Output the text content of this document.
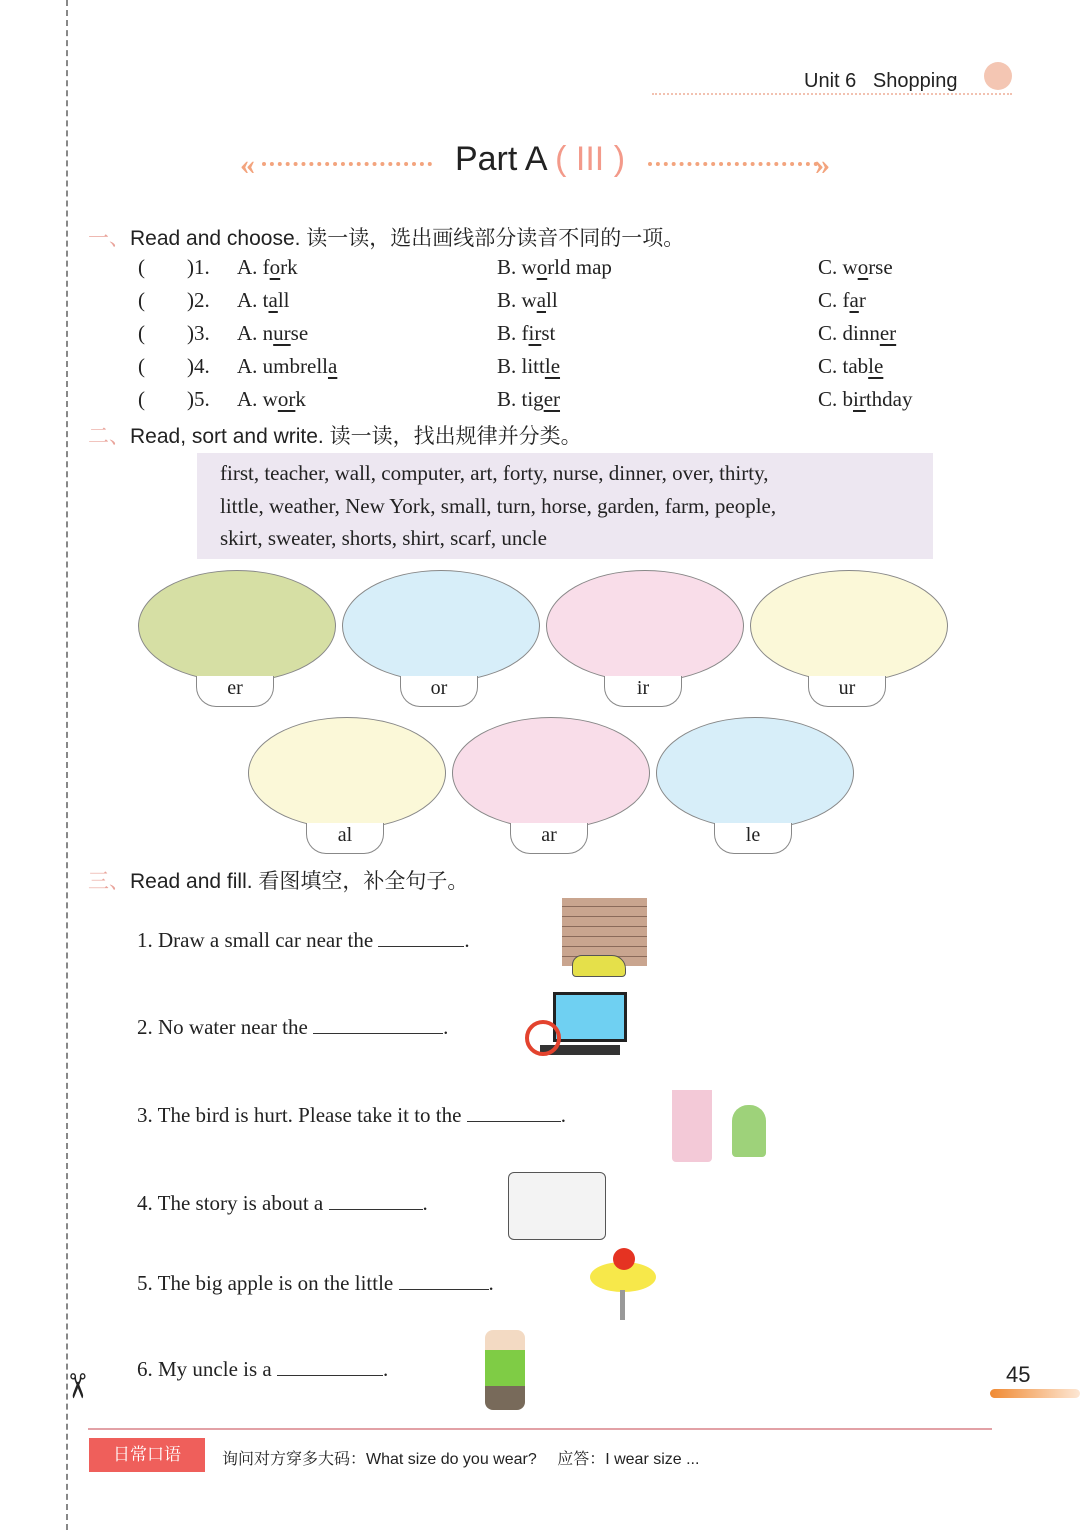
✂
Unit 6 Shopping
«	»
Part A ( III )
一、Read and choose. 读一读，选出画线部分读音不同的一项。
(        )1. A. fork	B. world map	C. worse
(        )2. A. tall	B. wall	C. far
(        )3. A. nurse	B. first	C. dinner
(        )4. A. umbrella	B. little	C. table
(        )5. A. work	B. tiger	C. birthday
二、Read, sort and write. 读一读，找出规律并分类。
first, teacher, wall, computer, art, forty, nurse, dinner, over, thirty,
little, weather, New York, small, turn, horse, garden, farm, people,
skirt, sweater, shorts, shirt, scarf, uncle
er	or	ir	ur
al	ar	le
三、Read and fill. 看图填空，补全句子。
1. Draw a small car near the	.
2. No water near the	.
3. The bird is hurt. Please take it to the	.
4. The story is about a	.
5. The big apple is on the little	.
6. My uncle is a	.	45
日常口语	询问对方穿多大码：What size do you wear?　 应答：I wear size ...
